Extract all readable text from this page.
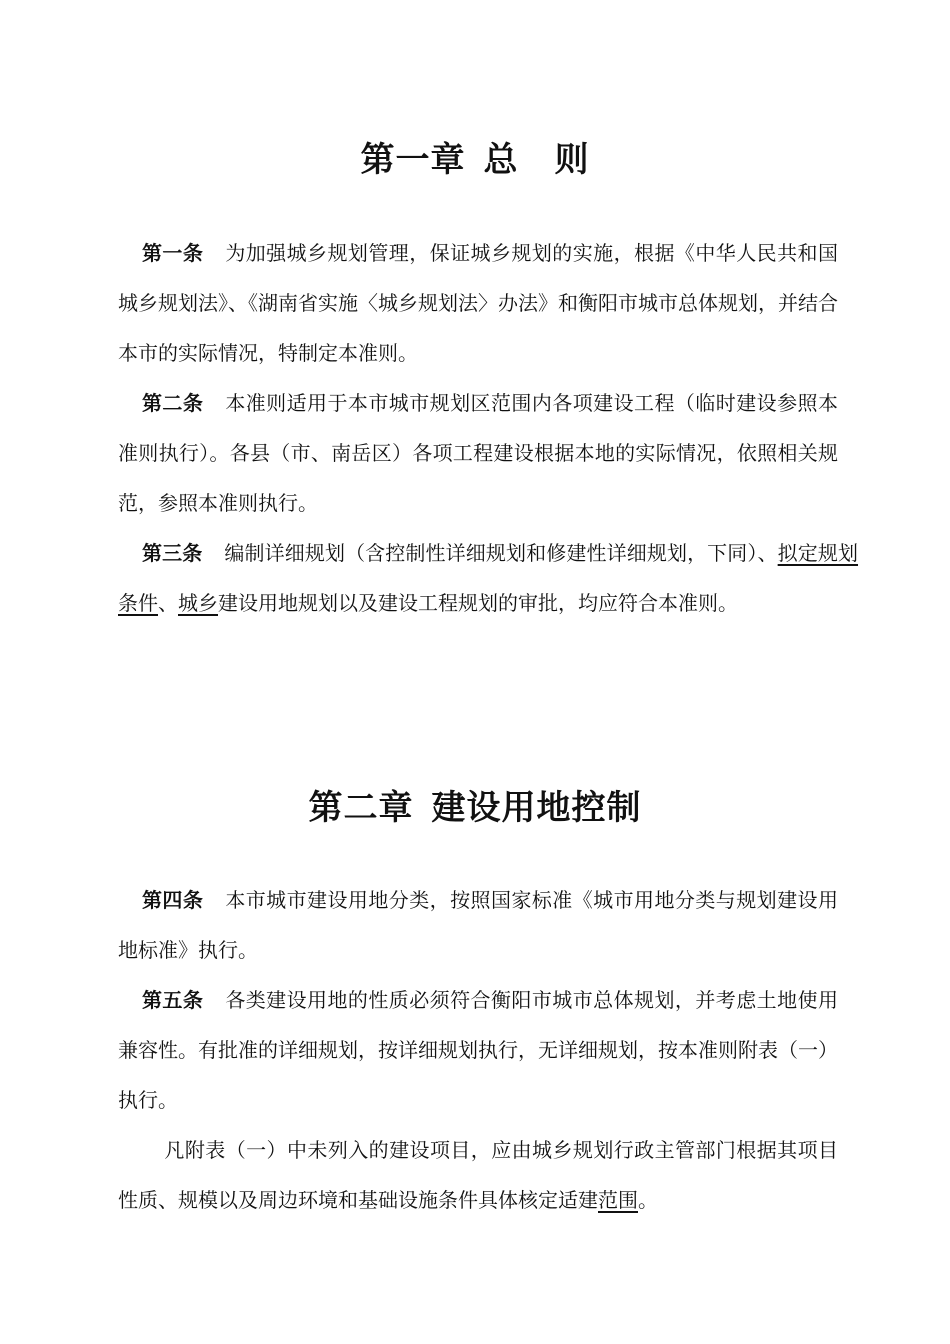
第一章 总 则

第一条 为加强城乡规划管理，保证城乡规划的实施，根据《中华人民共和国城乡规划法》、《湖南省实施〈城乡规划法〉办法》和衡阳市城市总体规划，并结合本市的实际情况，特制定本准则。

第二条 本准则适用于本市城市规划区范围内各项建设工程（临时建设参照本准则执行）。各县（市、南岳区）各项工程建设根据本地的实际情况，依照相关规范，参照本准则执行。

第三条 编制详细规划（含控制性详细规划和修建性详细规划，下同）、拟定规划条件、城乡建设用地规划以及建设工程规划的审批，均应符合本准则。

第二章 建设用地控制

第四条 本市城市建设用地分类，按照国家标准《城市用地分类与规划建设用地标准》执行。

第五条 各类建设用地的性质必须符合衡阳市城市总体规划，并考虑土地使用兼容性。有批准的详细规划，按详细规划执行，无详细规划，按本准则附表（一）执行。

凡附表（一）中未列入的建设项目，应由城乡规划行政主管部门根据其项目性质、规模以及周边环境和基础设施条件具体核定适建范围。
